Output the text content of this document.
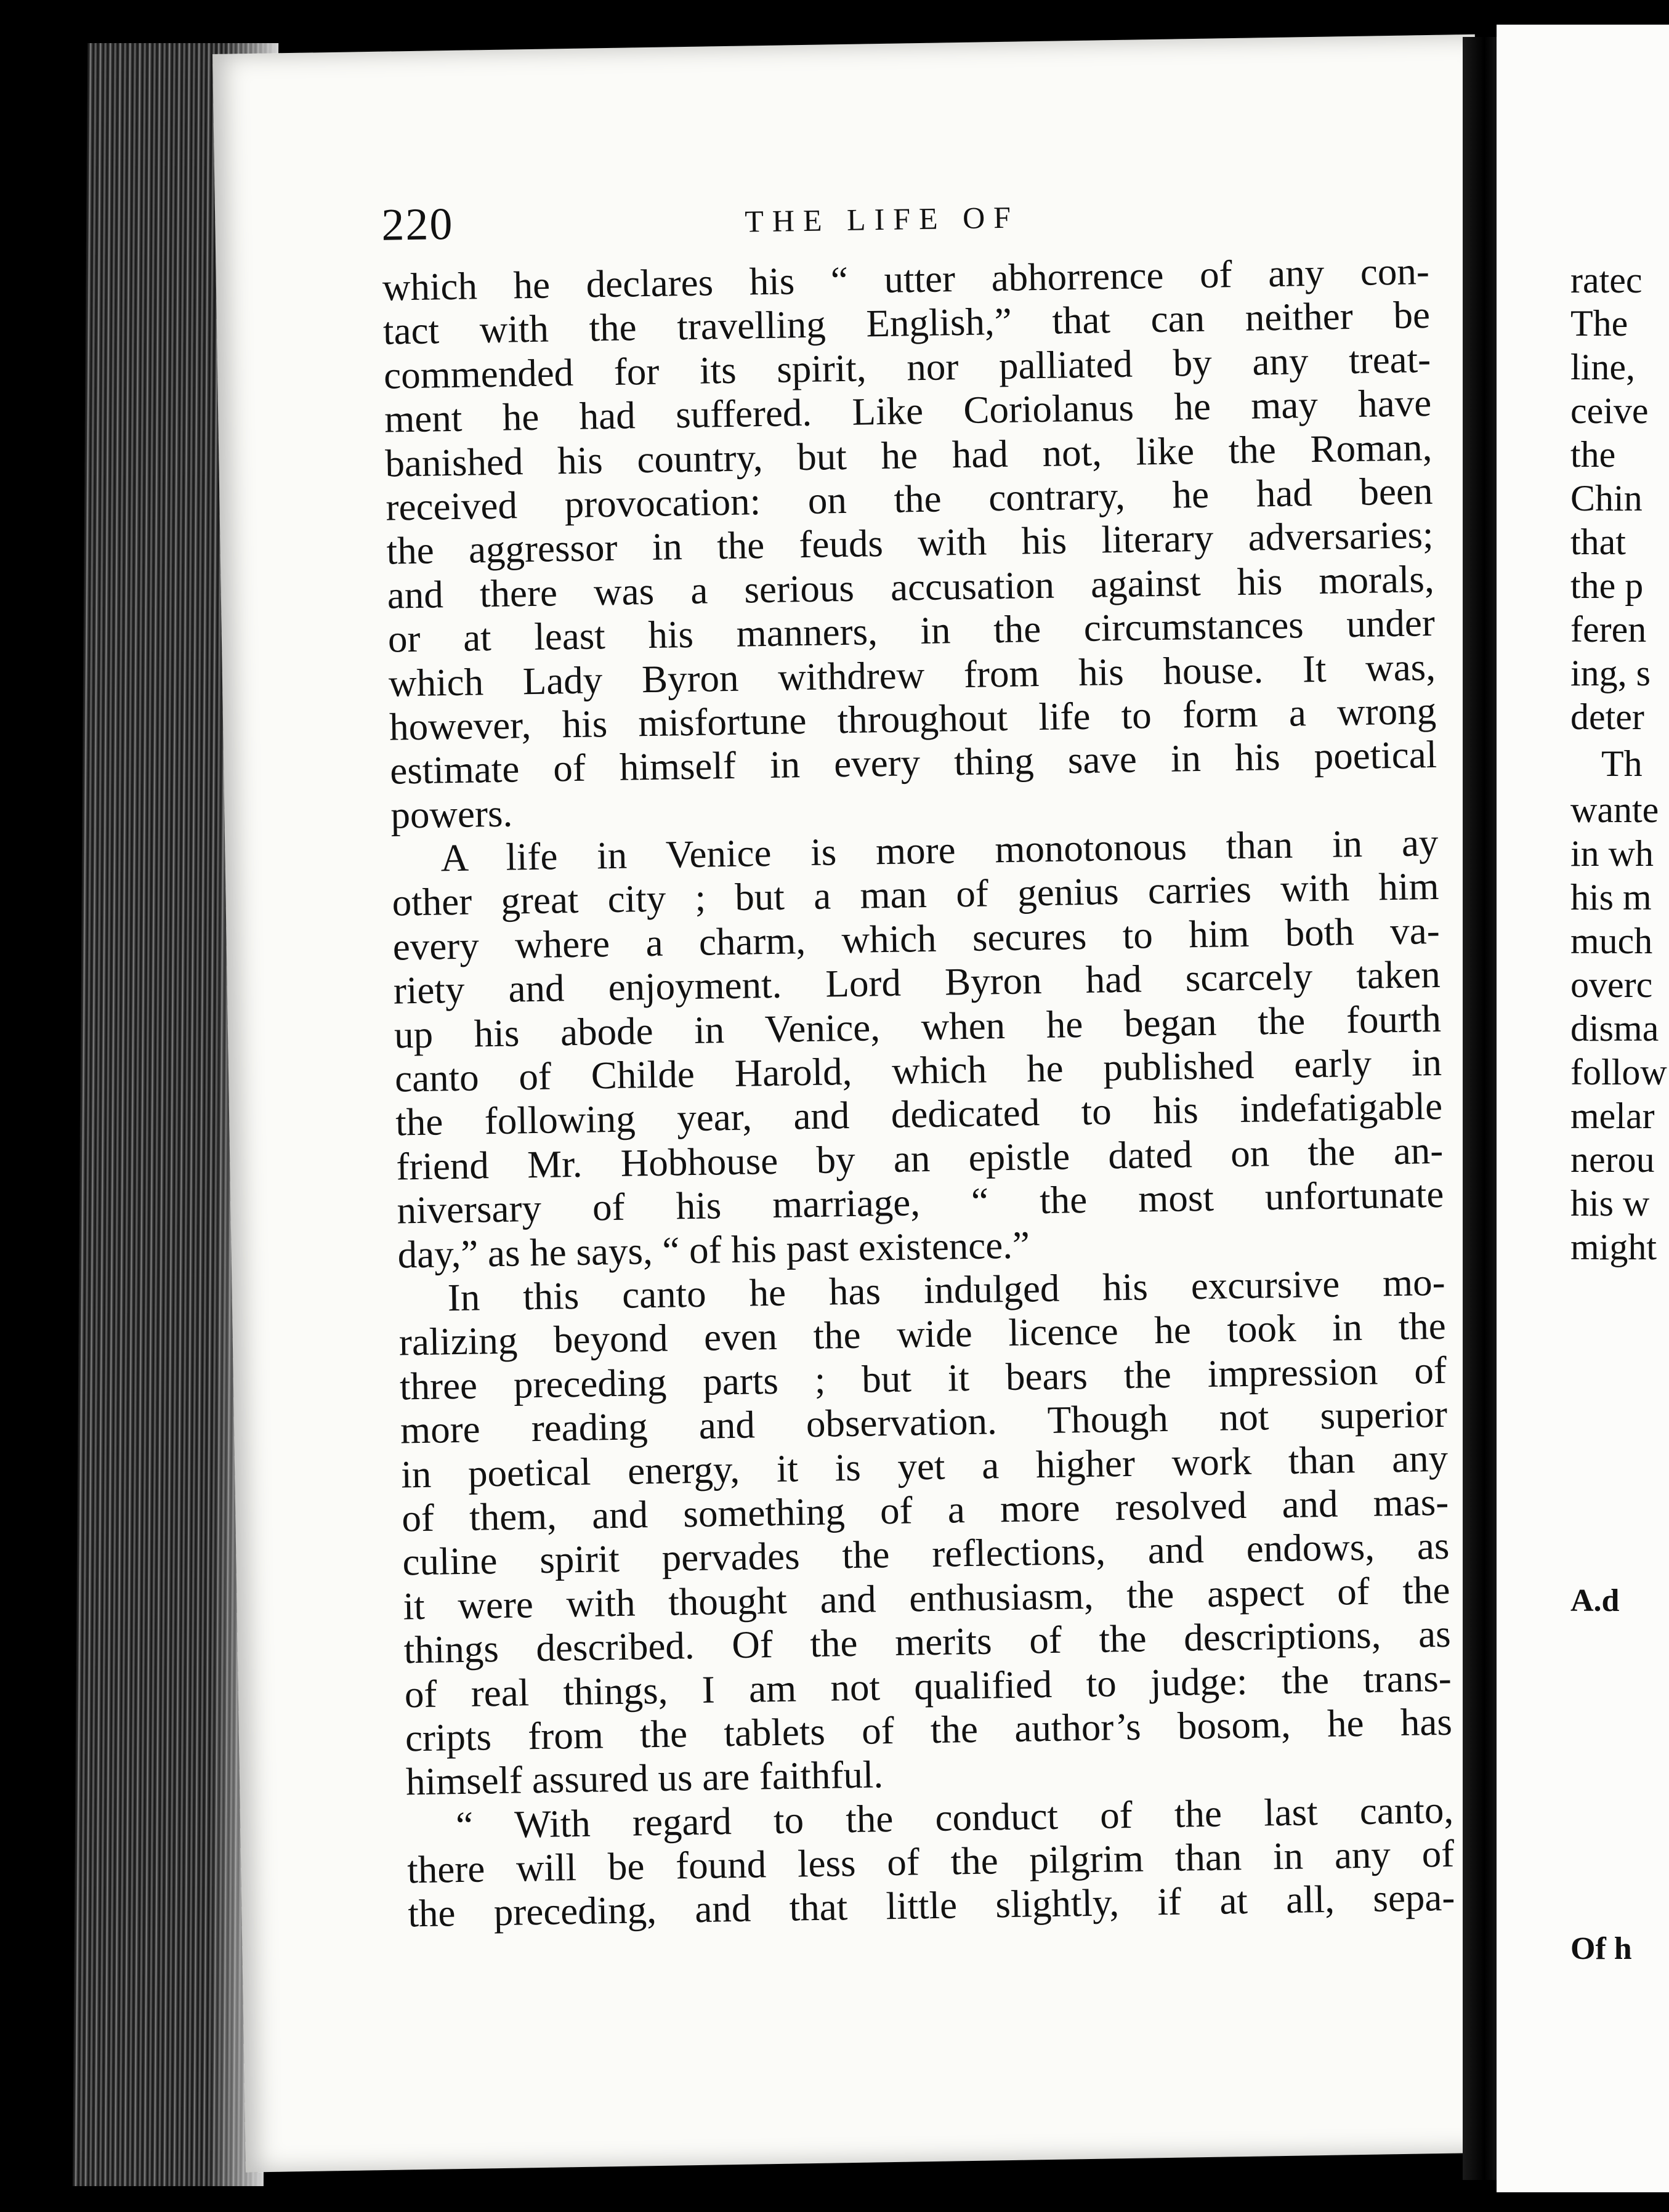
220	THE LIFE OF
which he declares his “ utter abhorrence of any con-
tact with the travelling English,” that can neither be
commended for its spirit, nor palliated by any treat-
ment he had suffered. Like Coriolanus he may have
banished his country, but he had not, like the Roman,
received provocation: on the contrary, he had been
the aggressor in the feuds with his literary adversaries;
and there was a serious accusation against his morals,
or at least his manners, in the circumstances under
which Lady Byron withdrew from his house. It was,
however, his misfortune throughout life to form a wrong
estimate of himself in every thing save in his poetical
powers.
A life in Venice is more monotonous than in ay
other great city ; but a man of genius carries with him
every where a charm, which secures to him both va-
riety and enjoyment. Lord Byron had scarcely taken
up his abode in Venice, when he began the fourth
canto of Childe Harold, which he published early in
the following year, and dedicated to his indefatigable
friend Mr. Hobhouse by an epistle dated on the an-
niversary of his marriage, “ the most unfortunate
day,” as he says, “ of his past existence.”
In this canto he has indulged his excursive mo-
ralizing beyond even the wide licence he took in the
three preceding parts ; but it bears the impression of
more reading and observation. Though not superior
in poetical energy, it is yet a higher work than any
of them, and something of a more resolved and mas-
culine spirit pervades the reflections, and endows, as
it were with thought and enthusiasm, the aspect of the
things described. Of the merits of the descriptions, as
of real things, I am not qualified to judge: the trans-
cripts from the tablets of the author’s bosom, he has
himself assured us are faithful.
“ With regard to the conduct of the last canto,
there will be found less of the pilgrim than in any of
the preceding, and that little slightly, if at all, sepa-
ratec
The
line,
ceive
the
Chin
that
the p
feren
ing, s
deter
Th
wante
in wh
his m
much
overc
disma
follow
melar
nerou
his w
might
A.d
Of h
